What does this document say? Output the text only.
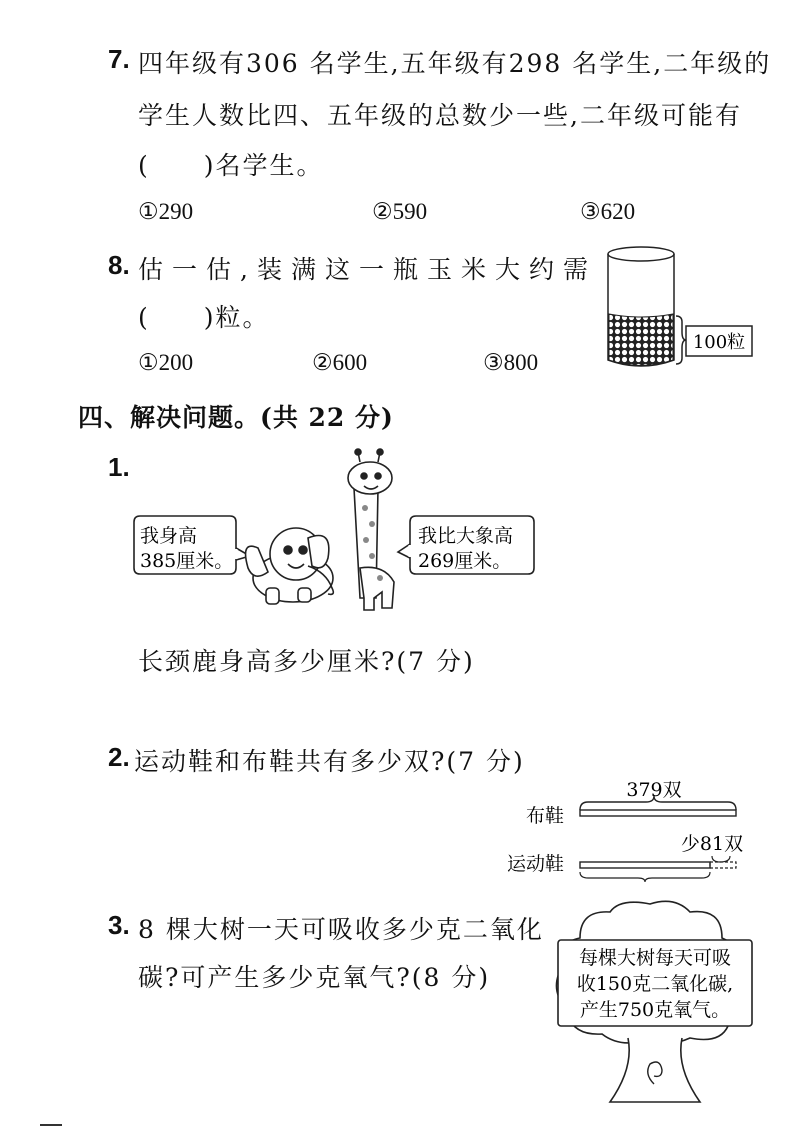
7. 四年级有306 名学生,五年级有298 名学生,二年级的
学生人数比四、五年级的总数少一些,二年级可能有
(　　)名学生。
①290	②590	③620
8. 估一估,装满这一瓶玉米大约需
(　　)粒。
①200	②600	③800
100粒
四、解决问题。(共 22 分)
1.
我身高
385厘米。
我比大象高
269厘米。
长颈鹿身高多少厘米?(7 分)
2. 运动鞋和布鞋共有多少双?(7 分)
379双
布鞋
少81双
运动鞋
3. 8 棵大树一天可吸收多少克二氧化
碳?可产生多少克氧气?(8 分)
每棵大树每天可吸
收150克二氧化碳,
产生750克氧气。
